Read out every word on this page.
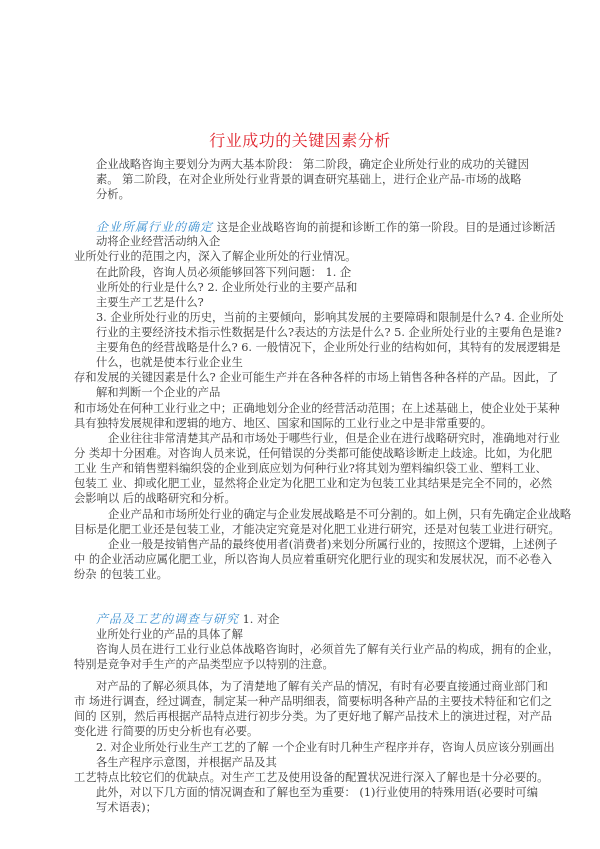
行业成功的关键因素分析
企业战略咨询主要划分为两大基本阶段： 第二阶段，确定企业所处行业的成功的关键因
素。 第二阶段，在对企业所处行业背景的调查研究基础上，进行企业产品-市场的战略
分析。
企业所属行业的确定 这是企业战略咨询的前提和诊断工作的第一阶段。目的是通过诊断活
动将企业经营活动纳入企
业所处行业的范围之内，深入了解企业所处的行业情况。
在此阶段，咨询人员必须能够回答下列问题： 1. 企
业所处的行业是什么? 2. 企业所处行业的主要产品和
主要生产工艺是什么?
3. 企业所处行业的历史，当前的主要倾向，影响其发展的主要障碍和限制是什么? 4. 企业所处
行业的主要经济技术指示性数据是什么?表达的方法是什么? 5. 企业所处行业的主要角色是谁?
主要角色的经营战略是什么? 6. 一般情况下，企业所处行业的结构如何，其特有的发展逻辑是
什么，也就是使本行业企业生
存和发展的关键因素是什么? 企业可能生产并在各种各样的市场上销售各种各样的产品。因此，了
解和判断一个企业的产品
和市场处在何种工业行业之中；正确地划分企业的经营活动范围；在上述基础上，使企业处于某种
具有独特发展规律和逻辑的地方、地区、国家和国际的工业行业之中是非常重要的。
企业往往非常清楚其产品和市场处于哪些行业，但是企业在进行战略研究时，准确地对行业
分 类却十分困难。对咨询人员来说，任何错误的分类都可能使战略诊断走上歧途。比如，为化肥
工业 生产和销售塑料编织袋的企业到底应划为何种行业?将其划为塑料编织袋工业、塑料工业、
包装工 业、抑或化肥工业，显然将企业定为化肥工业和定为包装工业其结果是完全不同的，必然
会影响以 后的战略研究和分析。
企业产品和市场所处行业的确定与企业发展战略是不可分割的。如上例，只有先确定企业战略
目标是化肥工业还是包装工业，才能决定究竟是对化肥工业进行研究，还是对包装工业进行研究。
企业一般是按销售产品的最终使用者(消费者)来划分所属行业的，按照这个逻辑，上述例子
中 的企业活动应属化肥工业，所以咨询人员应着重研究化肥行业的现实和发展状况，而不必卷入
纷杂 的包装工业。
产品及工艺的调查与研究 1. 对企
业所处行业的产品的具体了解
咨询人员在进行工业行业总体战略咨询时，必须首先了解有关行业产品的构成，拥有的企业，
特别是竞争对手生产的产品类型应予以特别的注意。
对产品的了解必须具体，为了清楚地了解有关产品的情况，有时有必要直接通过商业部门和
市 场进行调查，经过调查，制定某一种产品明细表，简要标明各种产品的主要技术特征和它们之
间的 区别，然后再根据产品特点进行初步分类。为了更好地了解产品技术上的演进过程，对产品
变化进 行简要的历史分析也有必要。
2. 对企业所处行业生产工艺的了解 一个企业有时几种生产程序并存，咨询人员应该分别画出
各生产程序示意图，并根据产品及其
工艺特点比较它们的优缺点。对生产工艺及使用设备的配置状况进行深入了解也是十分必要的。
此外，对以下几方面的情况调查和了解也至为重要： (1)行业使用的特殊用语(必要时可编
写术语表)；
